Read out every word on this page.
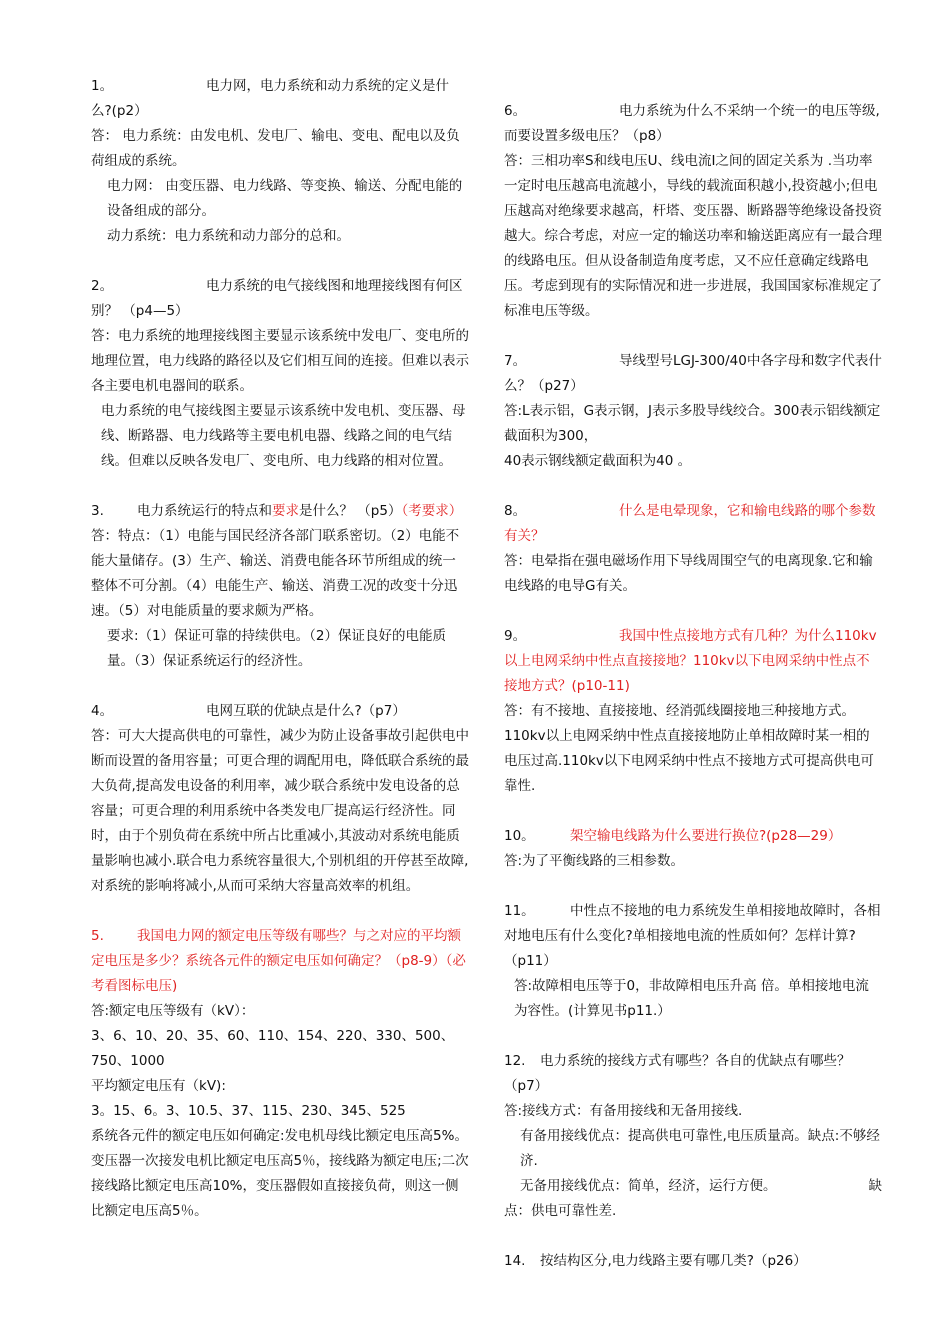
1。	电力网，电力系统和动力系统的定义是什么?(p2）

答： 电力系统：由发电机、发电厂、输电、变电、配电以及负荷组成的系统。

电力网： 由变压器、电力线路、等变换、输送、分配电能的设备组成的部分。

动力系统：电力系统和动力部分的总和。

2。	电力系统的电气接线图和地理接线图有何区别？ （p4—5）

答：电力系统的地理接线图主要显示该系统中发电厂、变电所的地理位置，电力线路的路径以及它们相互间的连接。但难以表示各主要电机电器间的联系。

电力系统的电气接线图主要显示该系统中发电机、变压器、母线、断路器、电力线路等主要电机电器、线路之间的电气结线。但难以反映各发电厂、变电所、电力线路的相对位置。

3. 电力系统运行的特点和要求是什么？ （p5）（考要求）

答：特点：（1）电能与国民经济各部门联系密切。（2）电能不能大量储存。(3）生产、输送、消费电能各环节所组成的统一整体不可分割。（4）电能生产、输送、消费工况的改变十分迅速。（5）对电能质量的要求颇为严格。

要求:（1）保证可靠的持续供电。（2）保证良好的电能质量。（3）保证系统运行的经济性。

4。	电网互联的优缺点是什么?（p7）

答：可大大提高供电的可靠性，减少为防止设备事故引起供电中断而设置的备用容量；可更合理的调配用电，降低联合系统的最大负荷,提高发电设备的利用率，减少联合系统中发电设备的总容量；可更合理的利用系统中各类发电厂提高运行经济性。同时，由于个别负荷在系统中所占比重减小,其波动对系统电能质量影响也减小.联合电力系统容量很大,个别机组的开停甚至故障,对系统的影响将减小,从而可采纳大容量高效率的机组。

5. 我国电力网的额定电压等级有哪些？与之对应的平均额定电压是多少？系统各元件的额定电压如何确定？（p8-9）（必考看图标电压)

答:额定电压等级有（kV）：

3、6、10、20、35、60、110、154、220、330、500、750、1000

平均额定电压有（kV):

3。15、6。3、10.5、37、115、230、345、525

系统各元件的额定电压如何确定:发电机母线比额定电压高5%。变压器一次接发电机比额定电压高5％，接线路为额定电压;二次接线路比额定电压高10%，变压器假如直接接负荷，则这一侧比额定电压高5％。

6。	电力系统为什么不采纳一个统一的电压等级,而要设置多级电压？（p8）

答：三相功率S和线电压U、线电流I之间的固定关系为 .当功率一定时电压越高电流越小，导线的载流面积越小,投资越小;但电压越高对绝缘要求越高，杆塔、变压器、断路器等绝缘设备投资越大。综合考虑，对应一定的输送功率和输送距离应有一最合理的线路电压。但从设备制造角度考虑，又不应任意确定线路电压。考虑到现有的实际情况和进一步进展，我国国家标准规定了标准电压等级。

7。	导线型号LGJ-300/40中各字母和数字代表什么？（p27）

答:L表示铝，G表示钢，J表示多股导线绞合。300表示铝线额定截面积为300，

40表示钢线额定截面积为40 。

8。	什么是电晕现象，它和输电线路的哪个参数有关？

答：电晕指在强电磁场作用下导线周围空气的电离现象.它和输电线路的电导G有关。

9。	我国中性点接地方式有几种？为什么110kv以上电网采纳中性点直接接地？110kv以下电网采纳中性点不接地方式？(p10-11)

答：有不接地、直接接地、经消弧线圈接地三种接地方式。110kv以上电网采纳中性点直接接地防止单相故障时某一相的电压过高.110kv以下电网采纳中性点不接地方式可提高供电可靠性.

10。	架空输电线路为什么要进行换位?(p28—29）

答:为了平衡线路的三相参数。

11。	中性点不接地的电力系统发生单相接地故障时，各相对地电压有什么变化?单相接地电流的性质如何？怎样计算?（p11）

答:故障相电压等于0，非故障相电压升高 倍。单相接地电流为容性。(计算见书p11.）

12. 电力系统的接线方式有哪些？各自的优缺点有哪些？（p7）

答:接线方式：有备用接线和无备用接线.

有备用接线优点：提高供电可靠性,电压质量高。缺点:不够经济.

无备用接线优点：简单，经济，运行方便。	缺

点：供电可靠性差.

14. 按结构区分,电力线路主要有哪几类?（p26）
